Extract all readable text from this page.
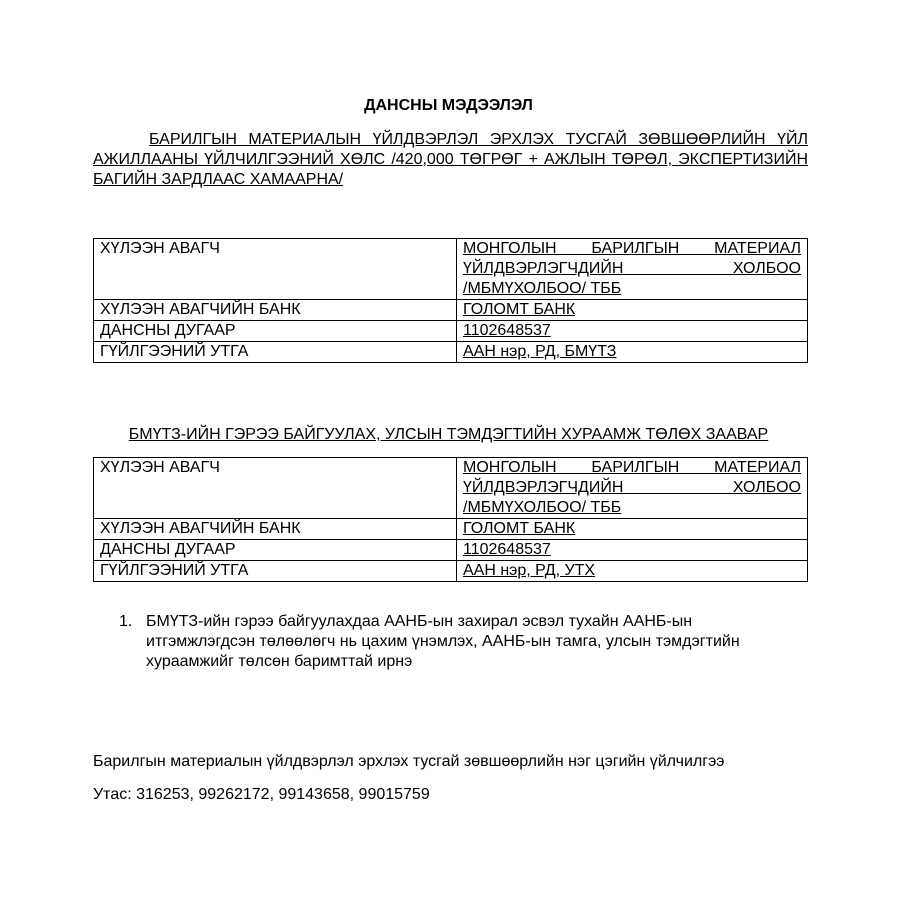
ДАНСНЫ МЭДЭЭЛЭЛ

БАРИЛГЫН МАТЕРИАЛЫН ҮЙЛДВЭРЛЭЛ ЭРХЛЭХ ТУСГАЙ ЗӨВШӨӨРЛИЙН ҮЙЛ АЖИЛЛААНЫ ҮЙЛЧИЛГЭЭНИЙ ХӨЛС /420,000 ТӨГРӨГ + АЖЛЫН ТӨРӨЛ, ЭКСПЕРТИЗИЙН БАГИЙН ЗАРДЛААС ХАМААРНА/

ХҮЛЭЭН АВАГЧ	МОНГОЛЫН БАРИЛГЫН МАТЕРИАЛ ҮЙЛДВЭРЛЭГЧДИЙН ХОЛБОО
/МБМҮХОЛБОО/ ТББ

ХҮЛЭЭН АВАГЧИЙН БАНК	ГОЛОМТ БАНК
ДАНСНЫ ДУГААР	1102648537
ГҮЙЛГЭЭНИЙ УТГА	ААН нэр, РД, БМҮТЗ
БМҮТЗ-ИЙН ГЭРЭЭ БАЙГУУЛАХ, УЛСЫН ТЭМДЭГТИЙН ХУРААМЖ ТӨЛӨХ ЗААВАР
ХҮЛЭЭН АВАГЧ	МОНГОЛЫН БАРИЛГЫН МАТЕРИАЛ ҮЙЛДВЭРЛЭГЧДИЙН ХОЛБОО
/МБМҮХОЛБОО/ ТББ

ХҮЛЭЭН АВАГЧИЙН БАНК	ГОЛОМТ БАНК
ДАНСНЫ ДУГААР	1102648537
ГҮЙЛГЭЭНИЙ УТГА	ААН нэр, РД, УТХ
1. БМҮТЗ-ийн гэрээ байгуулахдаа ААНБ-ын захирал эсвэл тухайн ААНБ-ын итгэмжлэгдсэн төлөөлөгч нь цахим үнэмлэх, ААНБ-ын тамга, улсын тэмдэгтийн хураамжийг төлсөн баримттай ирнэ
Барилгын материалын үйлдвэрлэл эрхлэх тусгай зөвшөөрлийн нэг цэгийн үйлчилгээ
Утас: 316253, 99262172, 99143658, 99015759
